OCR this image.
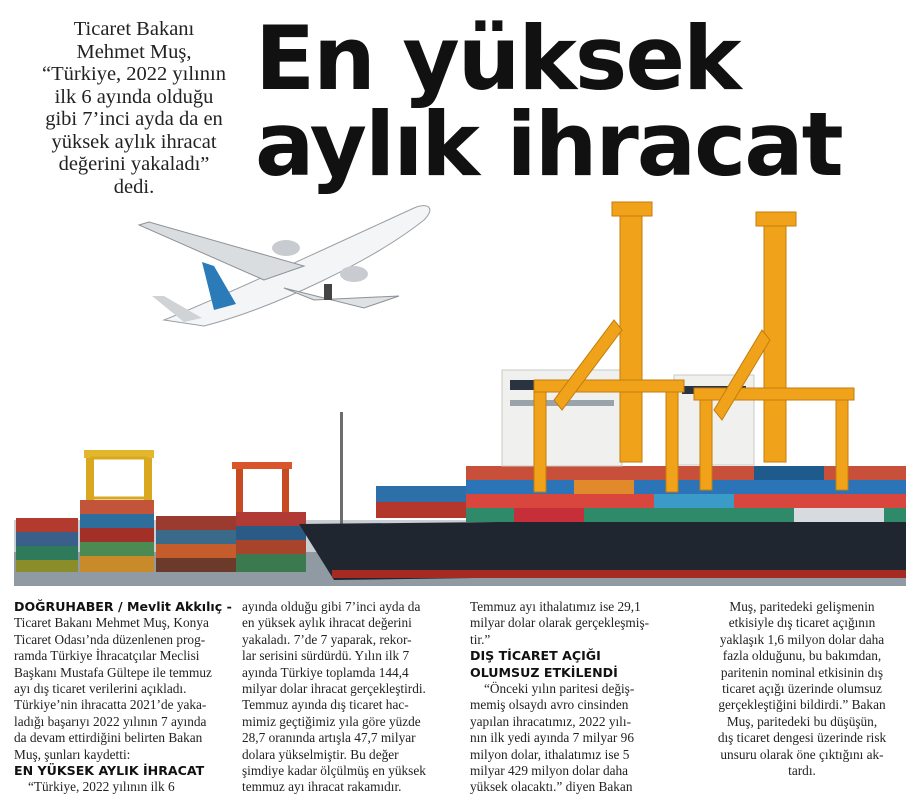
Ticaret Bakanı
Mehmet Muş,
“Türkiye, 2022 yılının
ilk 6 ayında olduğu
gibi 7’inci ayda da en
yüksek aylık ihracat
değerini yakaladı”
dedi.
En yüksek
aylık ihracat
DOĞRUHABER / Mevlit Akkılıç -
Ticaret Bakanı Mehmet Muş, Konya
Ticaret Odası’nda düzenlenen prog-
ramda Türkiye İhracatçılar Meclisi
Başkanı Mustafa Gültepe ile temmuz
ayı dış ticaret verilerini açıkladı.
Türkiye’nin ihracatta 2021’de yaka-
ladığı başarıyı 2022 yılının 7 ayında
da devam ettirdiğini belirten Bakan
Muş, şunları kaydetti:
EN YÜKSEK AYLIK İHRACAT
“Türkiye, 2022 yılının ilk 6
ayında olduğu gibi 7’inci ayda da
en yüksek aylık ihracat değerini
yakaladı. 7’de 7 yaparak, rekor-
lar serisini sürdürdü. Yılın ilk 7
ayında Türkiye toplamda 144,4
milyar dolar ihracat gerçekleştirdi.
Temmuz ayında dış ticaret hac-
mimiz geçtiğimiz yıla göre yüzde
28,7 oranında artışla 47,7 milyar
dolara yükselmiştir. Bu değer
şimdiye kadar ölçülmüş en yüksek
temmuz ayı ihracat rakamıdır.
Temmuz ayı ithalatımız ise 29,1
milyar dolar olarak gerçekleşmiş-
tir.”
DIŞ TİCARET AÇIĞI
OLUMSUZ ETKİLENDİ
“Önceki yılın paritesi değiş-
memiş olsaydı avro cinsinden
yapılan ihracatımız, 2022 yılı-
nın ilk yedi ayında 7 milyar 96
milyon dolar, ithalatımız ise 5
milyar 429 milyon dolar daha
yüksek olacaktı.” diyen Bakan
Muş, paritedeki gelişmenin
etkisiyle dış ticaret açığının
yaklaşık 1,6 milyon dolar daha
fazla olduğunu, bu bakımdan,
paritenin nominal etkisinin dış
ticaret açığı üzerinde olumsuz
gerçekleştiğini bildirdi.” Bakan
Muş, paritedeki bu düşüşün,
dış ticaret dengesi üzerinde risk
unsuru olarak öne çıktığını ak-
tardı.
